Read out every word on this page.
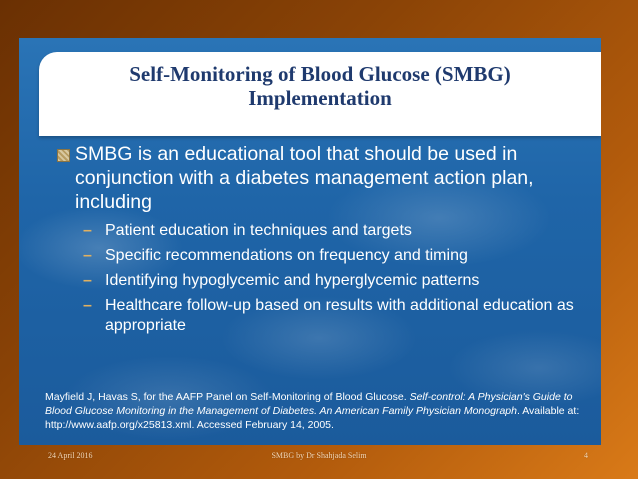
Self-Monitoring of Blood Glucose (SMBG)
Implementation
SMBG is an educational tool that should be used in conjunction with a diabetes management action plan, including
– Patient education in techniques and targets
– Specific recommendations on frequency and timing
– Identifying hypoglycemic and hyperglycemic patterns
– Healthcare follow-up based on results with additional education as appropriate
Mayfield J, Havas S, for the AAFP Panel on Self-Monitoring of Blood Glucose. Self-control: A Physician's Guide to Blood Glucose Monitoring in the Management of Diabetes. An American Family Physician Monograph. Available at: http://www.aafp.org/x25813.xml. Accessed February 14, 2005.
24 April 2016	SMBG by Dr Shahjada Selim	4
